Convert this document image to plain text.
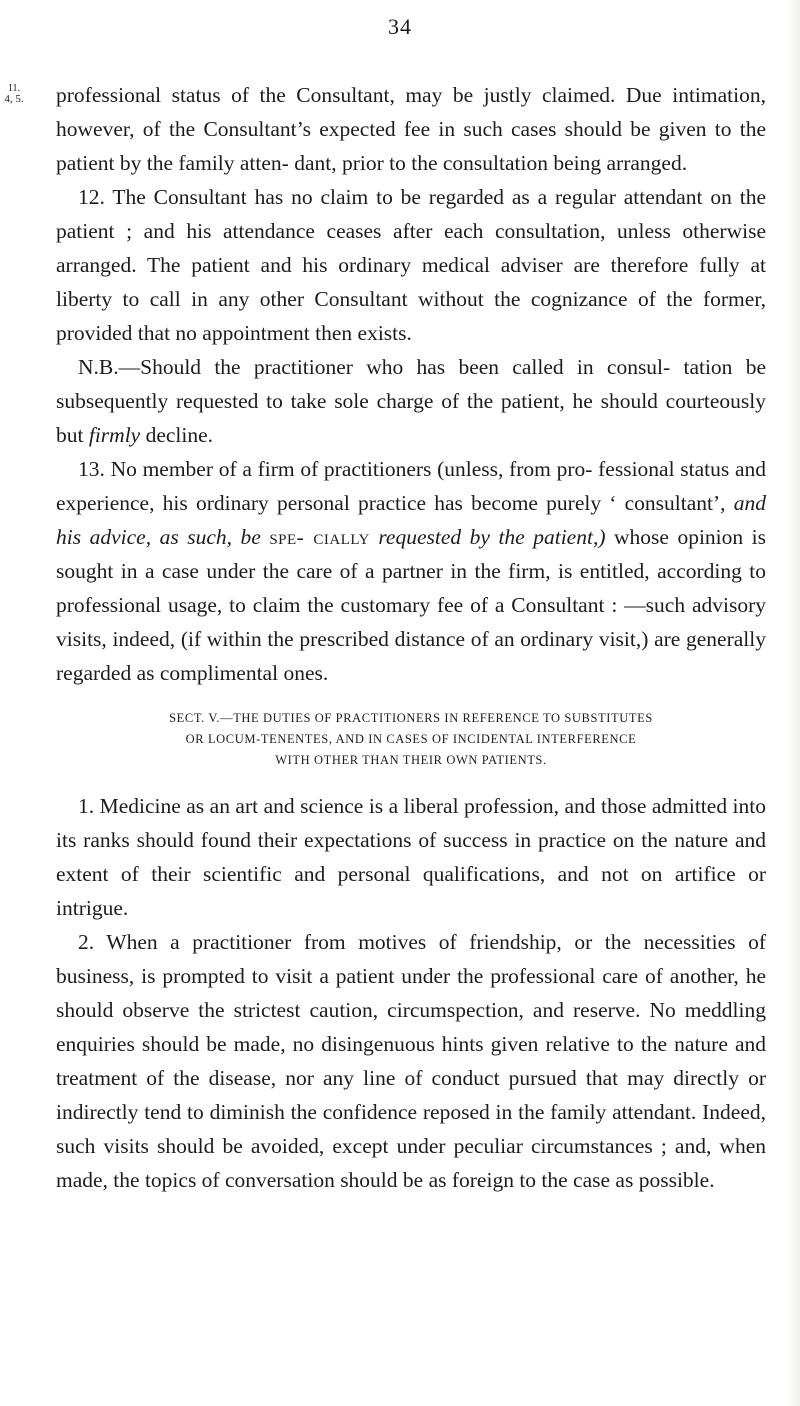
34
11.
4, 5. professional status of the Consultant, may be justly claimed. Due intimation, however, of the Consultant’s expected fee in such cases should be given to the patient by the family atten- dant, prior to the consultation being arranged.

12. The Consultant has no claim to be regarded as a regular attendant on the patient ; and his attendance ceases after each consultation, unless otherwise arranged. The patient and his ordinary medical adviser are therefore fully at liberty to call in any other Consultant without the cognizance of the former, provided that no appointment then exists.

N.B.—Should the practitioner who has been called in consul- tation be subsequently requested to take sole charge of the patient, he should courteously but firmly decline.

13. No member of a firm of practitioners (unless, from pro- fessional status and experience, his ordinary personal practice has become purely ‘ consultant’, and his advice, as such, be spe- cially requested by the patient,) whose opinion is sought in a case under the care of a partner in the firm, is entitled, according to professional usage, to claim the customary fee of a Consultant : —such advisory visits, indeed, (if within the prescribed distance of an ordinary visit,) are generally regarded as complimental ones.

SECT. V.—THE DUTIES OF PRACTITIONERS IN REFERENCE TO SUBSTITUTES
OR LOCUM-TENENTES, AND IN CASES OF INCIDENTAL INTERFERENCE
WITH OTHER THAN THEIR OWN PATIENTS.

1. Medicine as an art and science is a liberal profession, and those admitted into its ranks should found their expectations of success in practice on the nature and extent of their scientific and personal qualifications, and not on artifice or intrigue.

2. When a practitioner from motives of friendship, or the necessities of business, is prompted to visit a patient under the professional care of another, he should observe the strictest caution, circumspection, and reserve. No meddling enquiries should be made, no disingenuous hints given relative to the nature and treatment of the disease, nor any line of conduct pursued that may directly or indirectly tend to diminish the confidence reposed in the family attendant. Indeed, such visits should be avoided, except under peculiar circumstances ; and, when made, the topics of conversation should be as foreign to the case as possible.
